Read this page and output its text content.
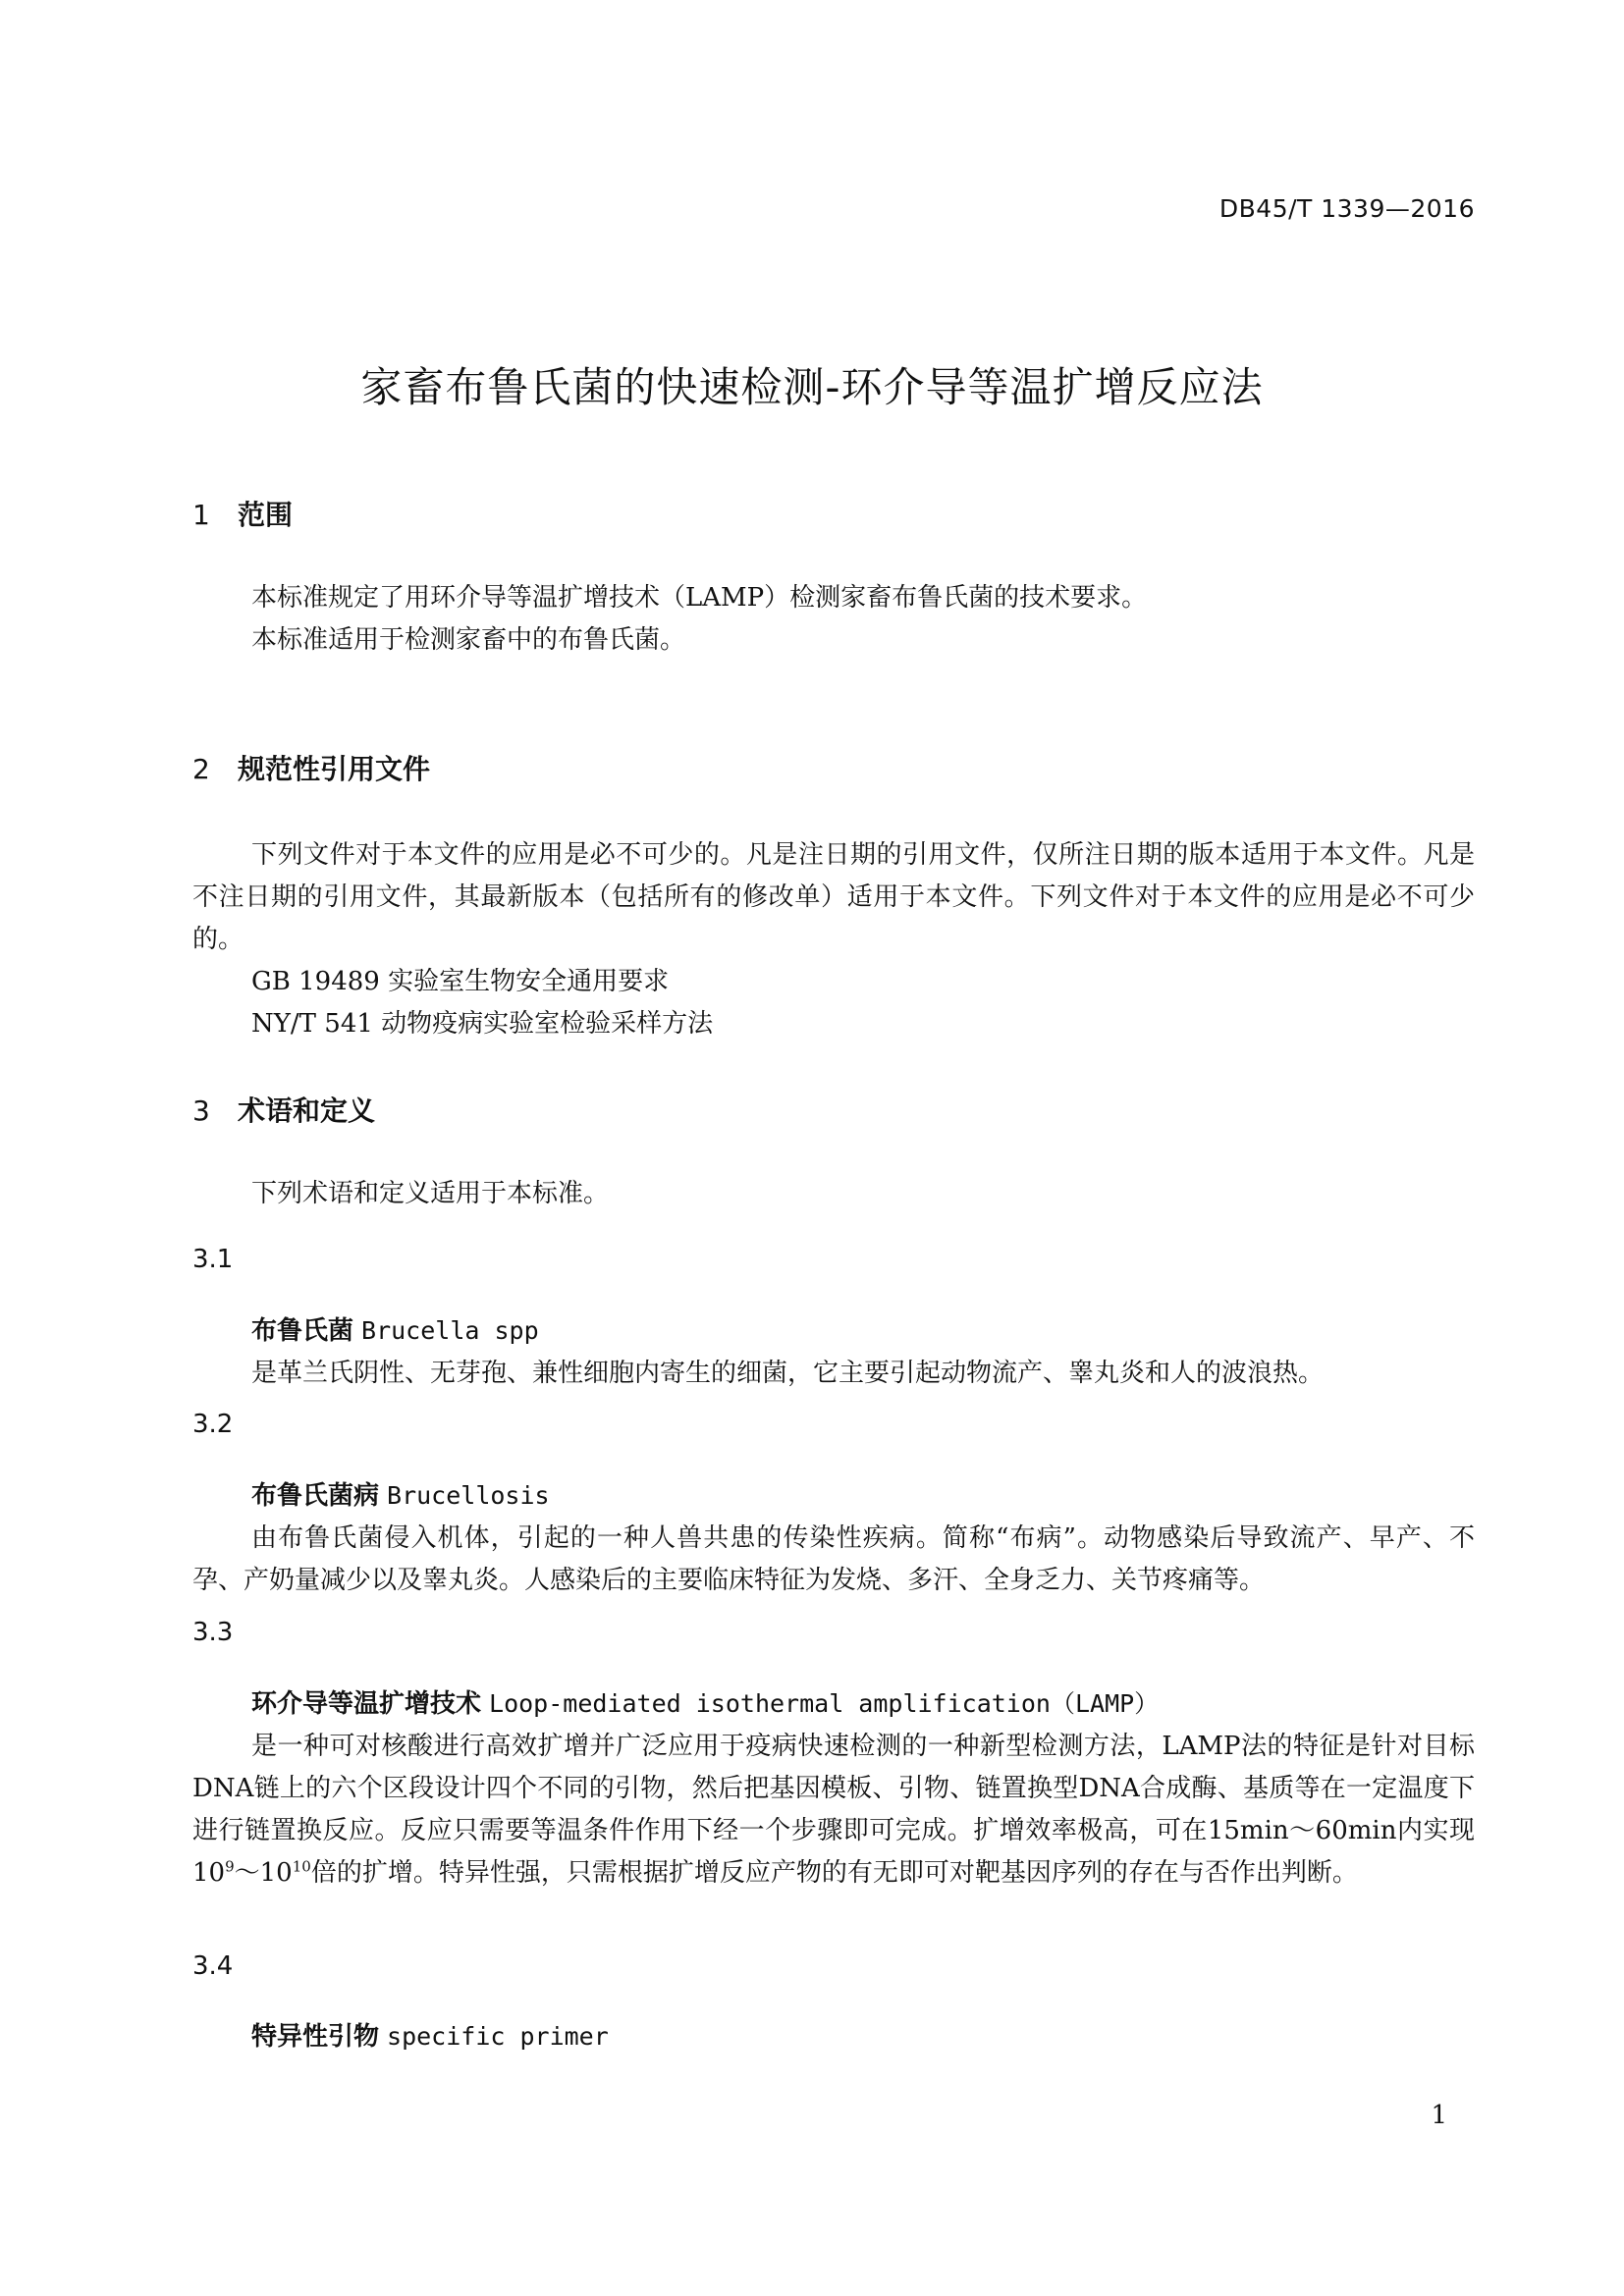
DB45/T 1339—2016
家畜布鲁氏菌的快速检测-环介导等温扩增反应法
1 范围
本标准规定了用环介导等温扩增技术（LAMP）检测家畜布鲁氏菌的技术要求。
本标准适用于检测家畜中的布鲁氏菌。
2 规范性引用文件
下列文件对于本文件的应用是必不可少的。凡是注日期的引用文件，仅所注日期的版本适用于本文件。凡是不注日期的引用文件，其最新版本（包括所有的修改单）适用于本文件。下列文件对于本文件的应用是必不可少的。
GB 19489 实验室生物安全通用要求
NY/T 541 动物疫病实验室检验采样方法
3 术语和定义
下列术语和定义适用于本标准。
3.1
布鲁氏菌 Brucella spp
是革兰氏阴性、无芽孢、兼性细胞内寄生的细菌，它主要引起动物流产、睾丸炎和人的波浪热。
3.2
布鲁氏菌病 Brucellosis
由布鲁氏菌侵入机体，引起的一种人兽共患的传染性疾病。简称“布病”。动物感染后导致流产、早产、不孕、产奶量减少以及睾丸炎。人感染后的主要临床特征为发烧、多汗、全身乏力、关节疼痛等。
3.3
环介导等温扩增技术 Loop-mediated isothermal amplification（LAMP）
是一种可对核酸进行高效扩增并广泛应用于疫病快速检测的一种新型检测方法，LAMP法的特征是针对目标DNA链上的六个区段设计四个不同的引物，然后把基因模板、引物、链置换型DNA合成酶、基质等在一定温度下进行链置换反应。反应只需要等温条件作用下经一个步骤即可完成。扩增效率极高，可在15min～60min内实现$10^9\sim 10^{10}$倍的扩增。特异性强，只需根据扩增反应产物的有无即可对靶基因序列的存在与否作出判断。
3.4
特异性引物 specific primer
1
